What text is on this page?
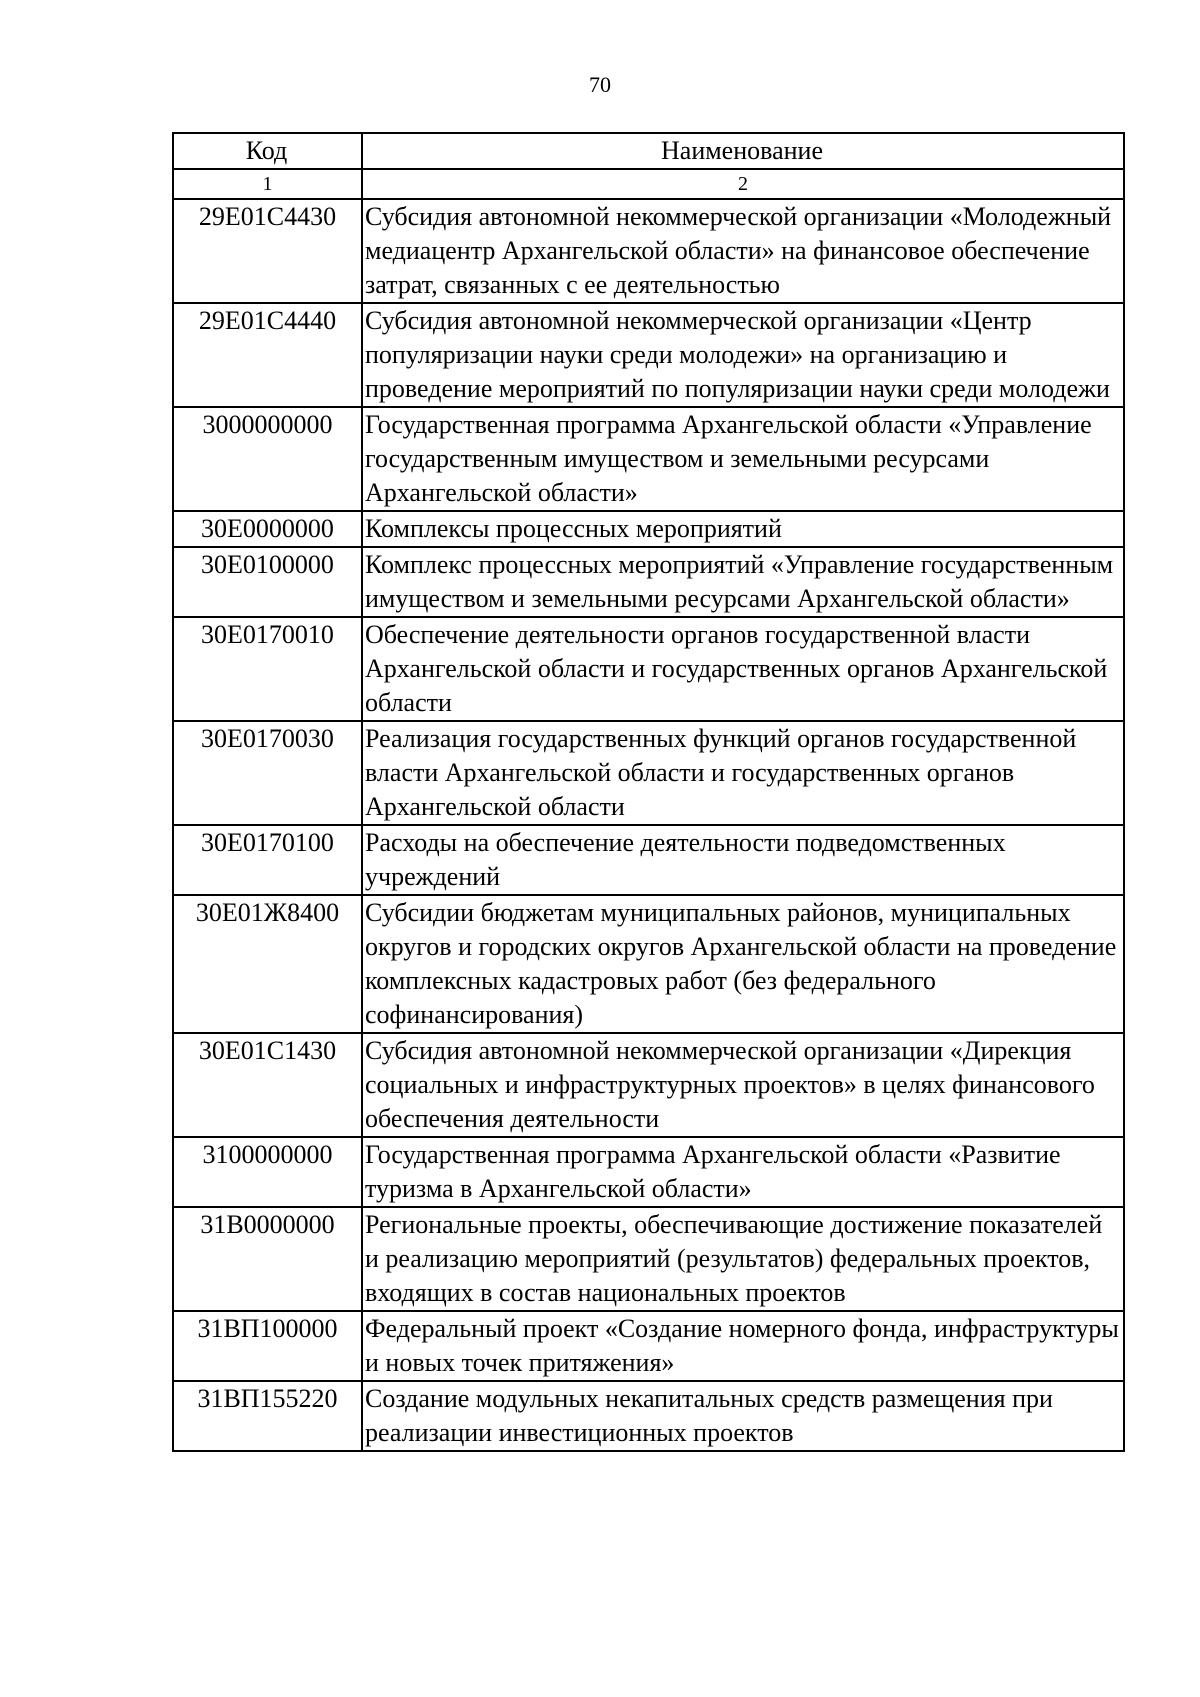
70
Код	Наименование
1	2
29E01C4430	Субсидия автономной некоммерческой организации «Молодежный медиацентр Архангельской области» на финансовое обеспечение затрат, связанных с ее деятельностью
29E01C4440	Субсидия автономной некоммерческой организации «Центр популяризации науки среди молодежи» на организацию и проведение мероприятий по популяризации науки среди молодежи
3000000000	Государственная программа Архангельской области «Управление государственным имуществом и земельными ресурсами Архангельской области»
30E0000000	Комплексы процессных мероприятий
30E0100000	Комплекс процессных мероприятий «Управление государственным имуществом и земельными ресурсами Архангельской области»
30E0170010	Обеспечение деятельности органов государственной власти Архангельской области и государственных органов Архангельской области
30E0170030	Реализация государственных функций органов государственной власти Архангельской области и государственных органов Архангельской области
30E0170100	Расходы на обеспечение деятельности подведомственных учреждений
30E01Ж8400	Субсидии бюджетам муниципальных районов, муниципальных округов и городских округов Архангельской области на проведение комплексных кадастровых работ (без федерального софинансирования)
30E01C1430	Субсидия автономной некоммерческой организации «Дирекция социальных и инфраструктурных проектов» в целях финансового обеспечения деятельности
3100000000	Государственная программа Архангельской области «Развитие туризма в Архангельской области»
31B0000000	Региональные проекты, обеспечивающие достижение показателей и реализацию мероприятий (результатов) федеральных проектов, входящих в состав национальных проектов
31BП100000	Федеральный проект «Создание номерного фонда, инфраструктуры и новых точек притяжения»
31BП155220	Создание модульных некапитальных средств размещения при реализации инвестиционных проектов
